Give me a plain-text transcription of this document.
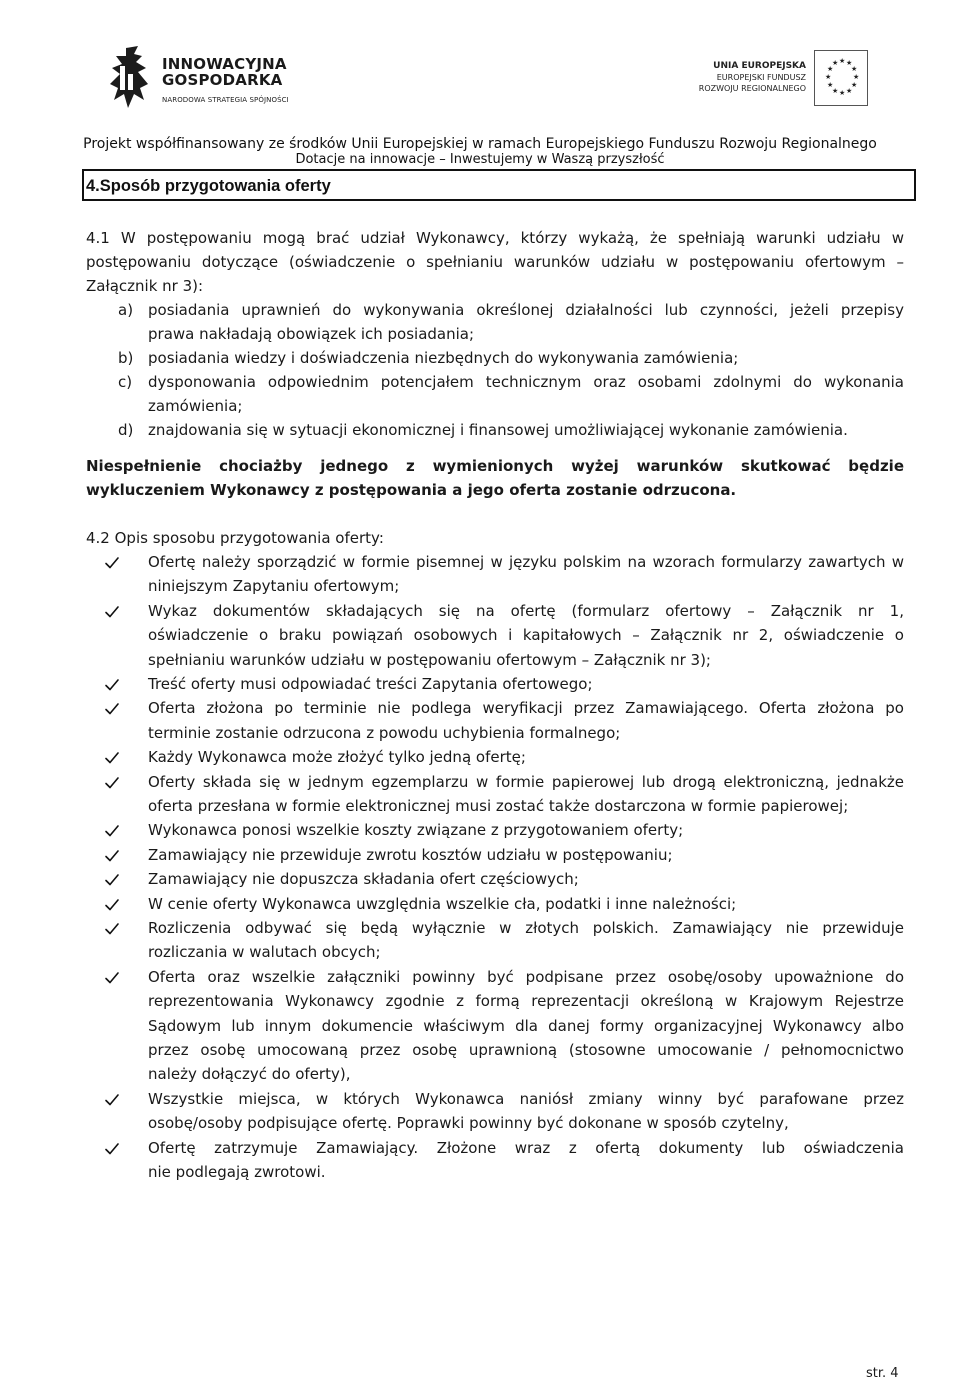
INNOWACYJNA
GOSPODARKA
NARODOWA STRATEGIA SPÓJNOŚCI
UNIA EUROPEJSKA
EUROPEJSKI FUNDUSZ
ROZWOJU REGIONALNEGO
★ ★
★
★
★
★
★
★
★
★
★
★
Projekt współfinansowany ze środków Unii Europejskiej w ramach Europejskiego Funduszu Rozwoju Regionalnego
Dotacje na innowacje – Inwestujemy w Waszą przyszłość
4.Sposób przygotowania oferty
4.1 W postępowaniu mogą brać udział Wykonawcy, którzy wykażą, że spełniają warunki udziału w
postępowaniu dotyczące (oświadczenie o spełnianiu warunków udziału w postępowaniu ofertowym –
Załącznik nr 3):
a) posiadania uprawnień do wykonywania określonej działalności lub czynności, jeżeli przepisy
prawa nakładają obowiązek ich posiadania;
b) posiadania wiedzy i doświadczenia niezbędnych do wykonywania zamówienia;
c) dysponowania odpowiednim potencjałem technicznym oraz osobami zdolnymi do wykonania
zamówienia;
d) znajdowania się w sytuacji ekonomicznej i finansowej umożliwiającej wykonanie zamówienia.
Niespełnienie chociażby jednego z wymienionych wyżej warunków skutkować będzie
wykluczeniem Wykonawcy z postępowania a jego oferta zostanie odrzucona.
4.2 Opis sposobu przygotowania oferty:
Ofertę należy sporządzić w formie pisemnej w języku polskim na wzorach formularzy zawartych w
niniejszym Zapytaniu ofertowym;
Wykaz dokumentów składających się na ofertę (formularz ofertowy – Załącznik nr 1,
oświadczenie o braku powiązań osobowych i kapitałowych – Załącznik nr 2, oświadczenie o
spełnianiu warunków udziału w postępowaniu ofertowym – Załącznik nr 3);
Treść oferty musi odpowiadać treści Zapytania ofertowego;
Oferta złożona po terminie nie podlega weryfikacji przez Zamawiającego. Oferta złożona po
terminie zostanie odrzucona z powodu uchybienia formalnego;
Każdy Wykonawca może złożyć tylko jedną ofertę;
Oferty składa się w jednym egzemplarzu w formie papierowej lub drogą elektroniczną, jednakże
oferta przesłana w formie elektronicznej musi zostać także dostarczona w formie papierowej;
Wykonawca ponosi wszelkie koszty związane z przygotowaniem oferty;
Zamawiający nie przewiduje zwrotu kosztów udziału w postępowaniu;
Zamawiający nie dopuszcza składania ofert częściowych;
W cenie oferty Wykonawca uwzględnia wszelkie cła, podatki i inne należności;
Rozliczenia odbywać się będą wyłącznie w złotych polskich. Zamawiający nie przewiduje
rozliczania w walutach obcych;
Oferta oraz wszelkie załączniki powinny być podpisane przez osobę/osoby upoważnione do
reprezentowania Wykonawcy zgodnie z formą reprezentacji określoną w Krajowym Rejestrze
Sądowym lub innym dokumencie właściwym dla danej formy organizacyjnej Wykonawcy albo
przez osobę umocowaną przez osobę uprawnioną (stosowne umocowanie / pełnomocnictwo
należy dołączyć do oferty),
Wszystkie miejsca, w których Wykonawca naniósł zmiany winny być parafowane przez
osobę/osoby podpisujące ofertę. Poprawki powinny być dokonane w sposób czytelny,
Ofertę zatrzymuje Zamawiający. Złożone wraz z ofertą dokumenty lub oświadczenia
nie podlegają zwrotowi.
str. 4
